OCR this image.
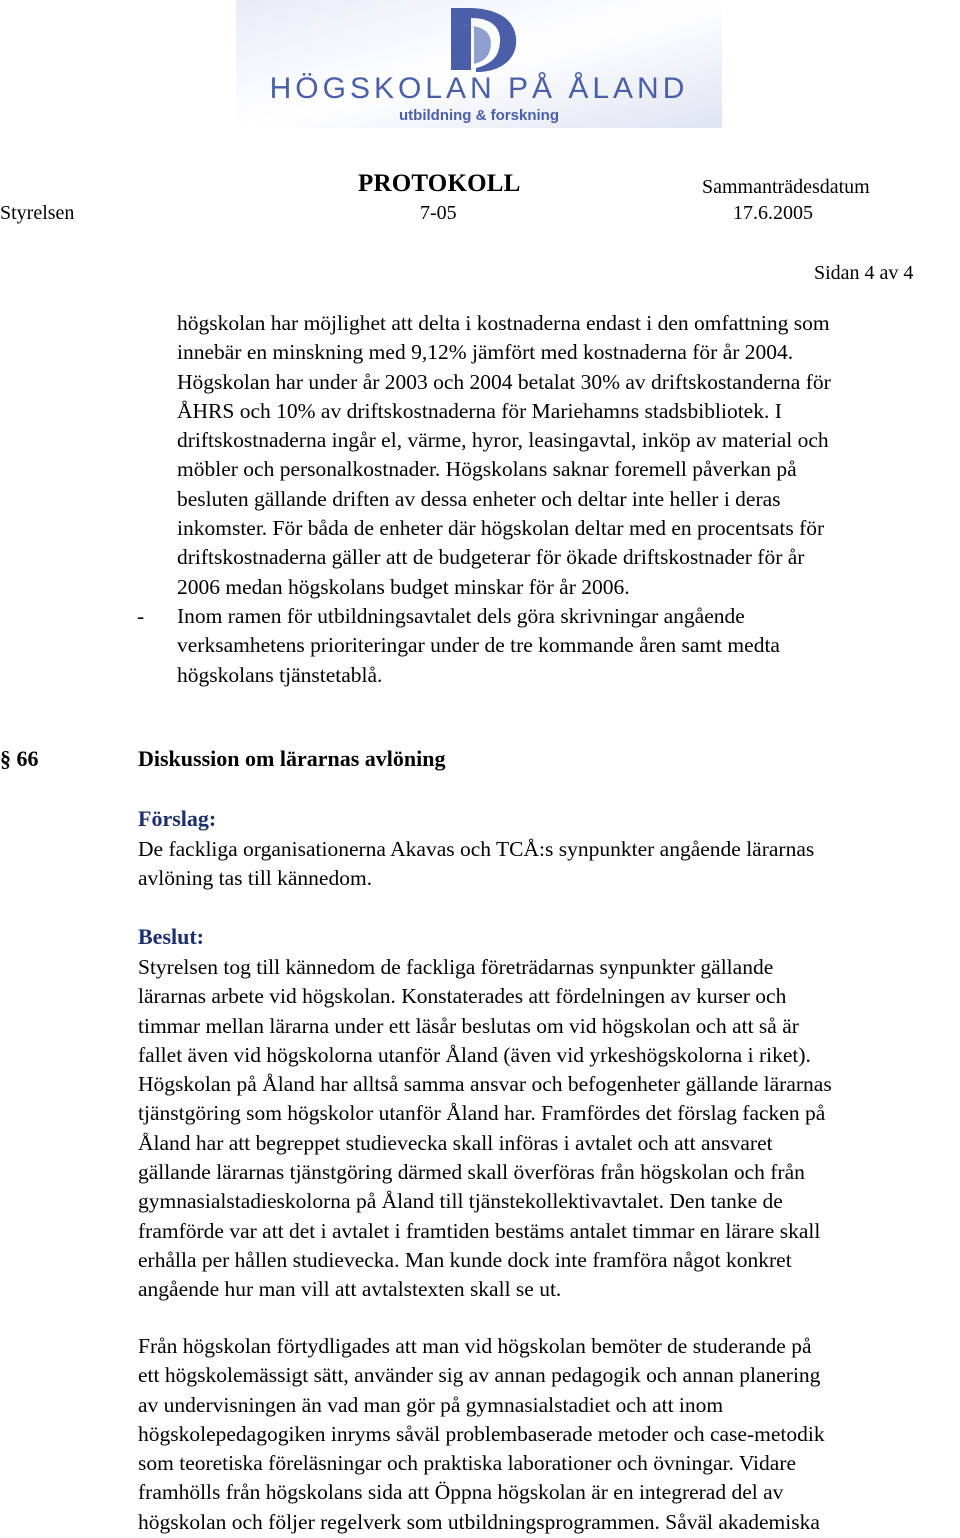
HÖGSKOLAN PÅ ÅLAND
utbildning & forskning
PROTOKOLL	Sammanträdesdatum
Styrelsen	7-05	17.6.2005
Sidan 4 av 4
högskolan har möjlighet att delta i kostnaderna endast i den omfattning som
innebär en minskning med 9,12% jämfört med kostnaderna för år 2004.
Högskolan har under år 2003 och 2004 betalat 30% av driftskostanderna för
ÅHRS och 10% av driftskostnaderna för Mariehamns stadsbibliotek. I
driftskostnaderna ingår el, värme, hyror, leasingavtal, inköp av material och
möbler och personalkostnader. Högskolans saknar foremell påverkan på
besluten gällande driften av dessa enheter och deltar inte heller i deras
inkomster. För båda de enheter där högskolan deltar med en procentsats för
driftskostnaderna gäller att de budgeterar för ökade driftskostnader för år
2006 medan högskolans budget minskar för år 2006.
- Inom ramen för utbildningsavtalet dels göra skrivningar angående
verksamhetens prioriteringar under de tre kommande åren samt medta
högskolans tjänstetablå.
§ 66	Diskussion om lärarnas avlöning
Förslag:
De fackliga organisationerna Akavas och TCÅ:s synpunkter angående lärarnas
avlöning tas till kännedom.
Beslut:
Styrelsen tog till kännedom de fackliga företrädarnas synpunkter gällande
lärarnas arbete vid högskolan. Konstaterades att fördelningen av kurser och
timmar mellan lärarna under ett läsår beslutas om vid högskolan och att så är
fallet även vid högskolorna utanför Åland (även vid yrkeshögskolorna i riket).
Högskolan på Åland har alltså samma ansvar och befogenheter gällande lärarnas
tjänstgöring som högskolor utanför Åland har. Framfördes det förslag facken på
Åland har att begreppet studievecka skall införas i avtalet och att ansvaret
gällande lärarnas tjänstgöring därmed skall överföras från högskolan och från
gymnasialstadieskolorna på Åland till tjänstekollektivavtalet. Den tanke de
framförde var att det i avtalet i framtiden bestäms antalet timmar en lärare skall
erhålla per hållen studievecka. Man kunde dock inte framföra något konkret
angående hur man vill att avtalstexten skall se ut.
Från högskolan förtydligades att man vid högskolan bemöter de studerande på
ett högskolemässigt sätt, använder sig av annan pedagogik och annan planering
av undervisningen än vad man gör på gymnasialstadiet och att inom
högskolepedagogiken inryms såväl problembaserade metoder och case-metodik
som teoretiska föreläsningar och praktiska laborationer och övningar. Vidare
framhölls från högskolans sida att Öppna högskolan är en integrerad del av
högskolan och följer regelverk som utbildningsprogrammen. Såväl akademiska
